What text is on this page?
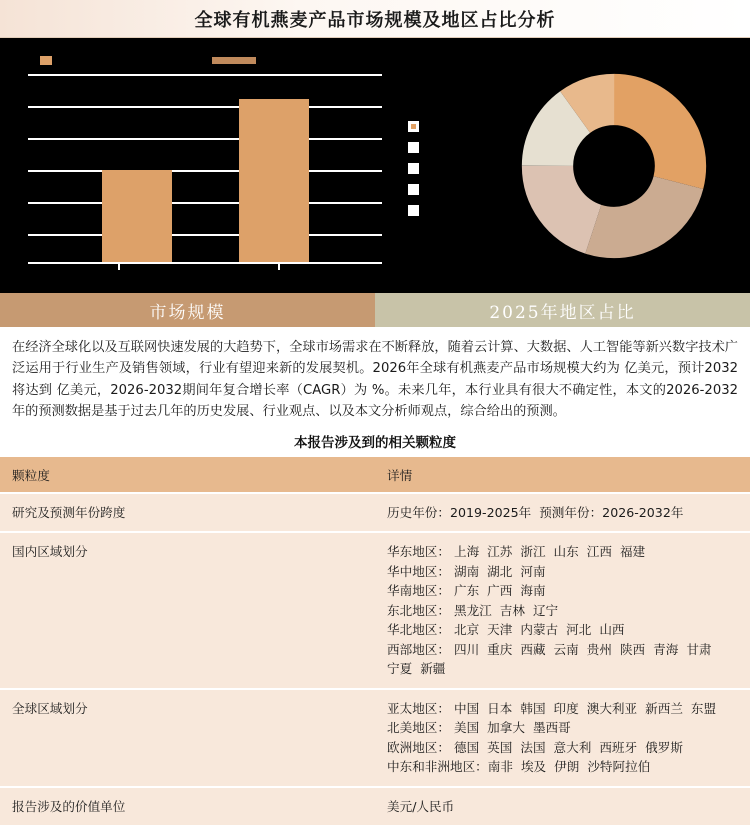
全球有机燕麦产品市场规模及地区占比分析
市场规模	2025年地区占比
在经济全球化以及互联网快速发展的大趋势下，全球市场需求在不断释放，随着云计算、大数据、人工智能等新兴数字技术广泛运用于行业生产及销售领域，行业有望迎来新的发展契机。2026年全球有机燕麦产品市场规模大约为 亿美元，预计2032将达到 亿美元，2026-2032期间年复合增长率（CAGR）为 %。未来几年，本行业具有很大不确定性，本文的2026-2032年的预测数据是基于过去几年的历史发展、行业观点、以及本文分析师观点，综合给出的预测。
本报告涉及到的相关颗粒度
颗粒度	详情
研究及预测年份跨度	历史年份：2019-2025年  预测年份：2026-2032年

国内区域划分	华东地区： 上海  江苏  浙江  山东  江西  福建
华中地区： 湖南  湖北  河南
华南地区： 广东  广西  海南
东北地区： 黑龙江  吉林  辽宁
华北地区： 北京  天津  内蒙古  河北  山西
西部地区： 四川  重庆  西藏  云南  贵州  陕西  青海  甘肃
宁夏  新疆

全球区域划分	亚太地区： 中国  日本  韩国  印度  澳大利亚  新西兰  东盟
北美地区： 美国  加拿大  墨西哥
欧洲地区： 德国  英国  法国  意大利  西班牙  俄罗斯
中东和非洲地区：南非  埃及  伊朗  沙特阿拉伯

报告涉及的价值单位	美元/人民币
